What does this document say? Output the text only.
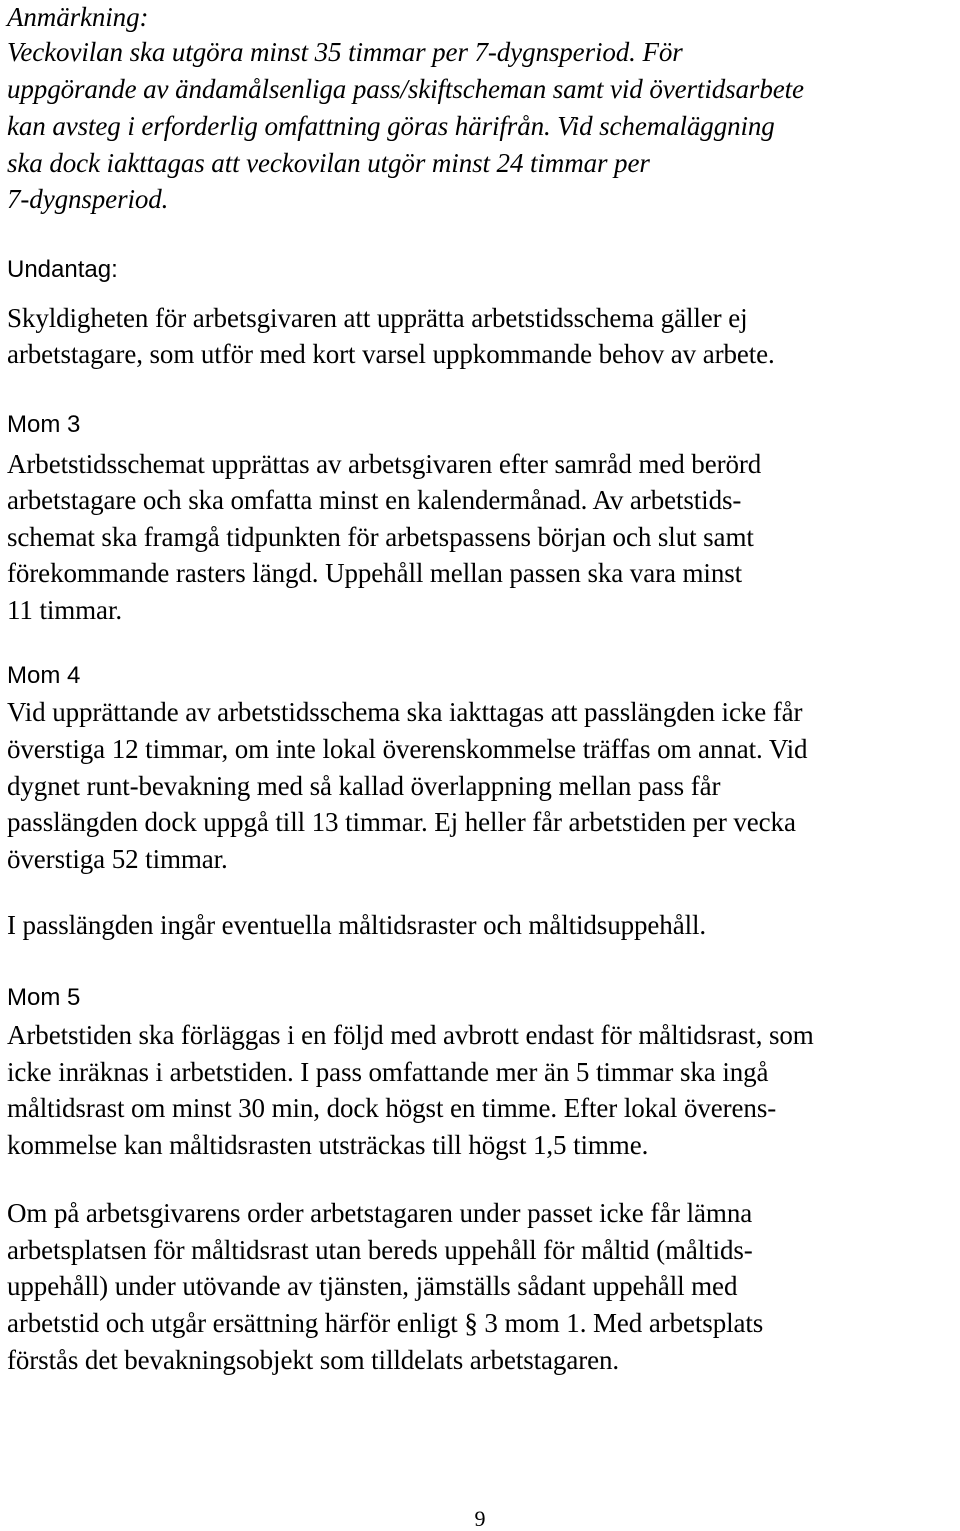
Anmärkning:
Veckovilan ska utgöra minst 35 timmar per 7-dygnsperiod. För
uppgörande av ändamålsenliga pass/skiftscheman samt vid övertidsarbete
kan avsteg i erforderlig omfattning göras härifrån. Vid schemaläggning
ska dock iakttagas att veckovilan utgör minst 24 timmar per
7-dygnsperiod.
Undantag:
Skyldigheten för arbetsgivaren att upprätta arbetstidsschema gäller ej
arbetstagare, som utför med kort varsel uppkommande behov av arbete.
Mom 3
Arbetstidsschemat upprättas av arbetsgivaren efter samråd med berörd
arbetstagare och ska omfatta minst en kalendermånad. Av arbetstids-
schemat ska framgå tidpunkten för arbetspassens början och slut samt
förekommande rasters längd. Uppehåll mellan passen ska vara minst
11 timmar.
Mom 4
Vid upprättande av arbetstidsschema ska iakttagas att passlängden icke får
överstiga 12 timmar, om inte lokal överenskommelse träffas om annat. Vid
dygnet runt-bevakning med så kallad överlappning mellan pass får
passlängden dock uppgå till 13 timmar. Ej heller får arbetstiden per vecka
överstiga 52 timmar.
I passlängden ingår eventuella måltidsraster och måltidsuppehåll.
Mom 5
Arbetstiden ska förläggas i en följd med avbrott endast för måltidsrast, som
icke inräknas i arbetstiden. I pass omfattande mer än 5 timmar ska ingå
måltidsrast om minst 30 min, dock högst en timme. Efter lokal överens-
kommelse kan måltidsrasten utsträckas till högst 1,5 timme.
Om på arbetsgivarens order arbetstagaren under passet icke får lämna
arbetsplatsen för måltidsrast utan bereds uppehåll för måltid (måltids-
uppehåll) under utövande av tjänsten, jämställs sådant uppehåll med
arbetstid och utgår ersättning härför enligt § 3 mom 1. Med arbetsplats
förstås det bevakningsobjekt som tilldelats arbetstagaren.
9
